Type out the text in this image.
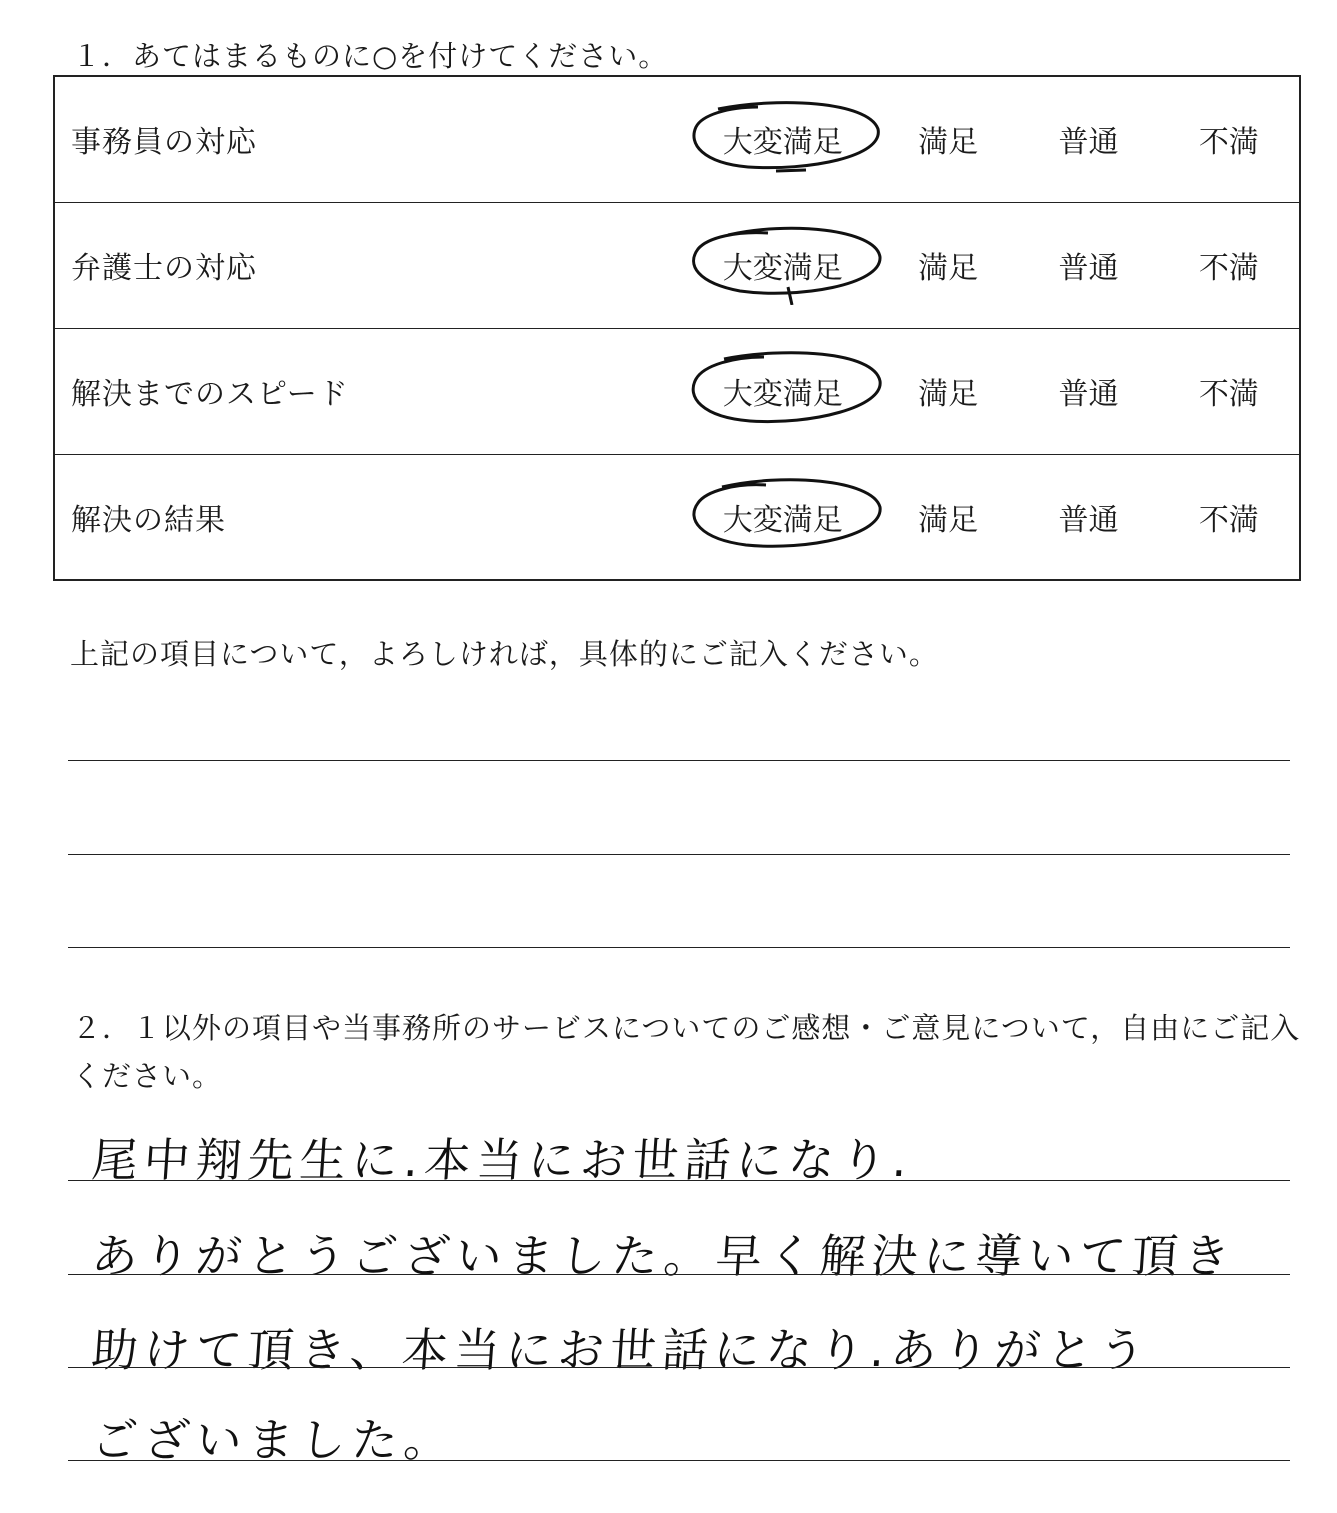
１．あてはまるものに○を付けてください。
事務員の対応	大変満足	満足	普通	不満
弁護士の対応	大変満足	満足	普通	不満
解決までのスピード	大変満足	満足	普通	不満
解決の結果	大変満足	満足	普通	不満
上記の項目について，よろしければ，具体的にご記入ください。
２．１以外の項目や当事務所のサービスについてのご感想・ご意見について，自由にご記入ください。
尾中翔先生に.本当にお世話になり.
ありがとうございました。早く解決に導いて頂き
助けて頂き、本当にお世話になり.ありがとう
ございました。
